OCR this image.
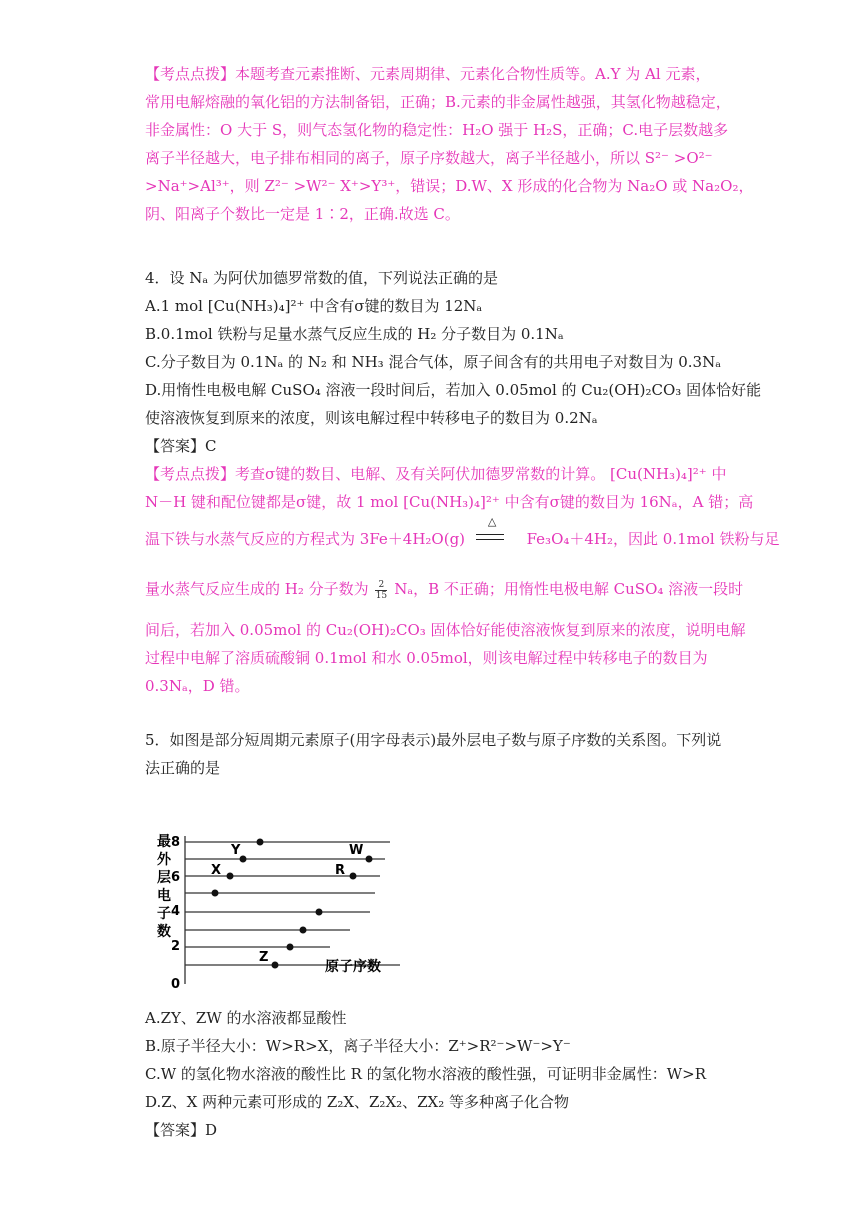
【考点点拨】本题考查元素推断、元素周期律、元素化合物性质等。A.Y 为 Al 元素，
常用电解熔融的氧化铝的方法制备铝，正确；B.元素的非金属性越强，其氢化物越稳定，
非金属性：O 大于 S，则气态氢化物的稳定性：H₂O 强于 H₂S，正确；C.电子层数越多
离子半径越大，电子排布相同的离子，原子序数越大，离子半径越小，所以 S²⁻ >O²⁻
>Na⁺>Al³⁺，则 Z²⁻ >W²⁻ X⁺>Y³⁺，错误；D.W、X 形成的化合物为 Na₂O 或 Na₂O₂，
阴、阳离子个数比一定是 1∶2，正确.故选 C。
4．设 Nₐ 为阿伏加德罗常数的值，下列说法正确的是
A.1 mol [Cu(NH₃)₄]²⁺ 中含有σ键的数目为 12Nₐ
B.0.1mol 铁粉与足量水蒸气反应生成的 H₂ 分子数目为 0.1Nₐ
C.分子数目为 0.1Nₐ 的 N₂ 和 NH₃ 混合气体，原子间含有的共用电子对数目为 0.3Nₐ
D.用惰性电极电解 CuSO₄ 溶液一段时间后，若加入 0.05mol 的 Cu₂(OH)₂CO₃ 固体恰好能
使溶液恢复到原来的浓度，则该电解过程中转移电子的数目为 0.2Nₐ
【答案】C
【考点点拨】考查σ键的数目、电解、及有关阿伏加德罗常数的计算。 [Cu(NH₃)₄]²⁺ 中
N－H 键和配位键都是σ键，故 1 mol [Cu(NH₃)₄]²⁺ 中含有σ键的数目为 16Nₐ，A 错；高
温下铁与水蒸气反应的方程式为 3Fe＋4H₂O(g)
△
Fe₃O₄＋4H₂，因此 0.1mol 铁粉与足
量水蒸气反应生成的 H₂ 分子数为 $\frac{2}{15}$ Nₐ，B 不正确；用惰性电极电解 CuSO₄ 溶液一段时
间后，若加入 0.05mol 的 Cu₂(OH)₂CO₃ 固体恰好能使溶液恢复到原来的浓度，说明电解
过程中电解了溶质硫酸铜 0.1mol 和水 0.05mol，则该电解过程中转移电子的数目为
0.3Nₐ，D 错。
5．如图是部分短周期元素原子(用字母表示)最外层电子数与原子序数的关系图。下列说
法正确的是
最
外
层
电
子
数
8
6
4
2
0
Y	W
X	R
Z
原子序数
A.ZY、ZW 的水溶液都显酸性
B.原子半径大小：W>R>X，离子半径大小：Z⁺>R²⁻>W⁻>Y⁻
C.W 的氢化物水溶液的酸性比 R 的氢化物水溶液的酸性强，可证明非金属性：W>R
D.Z、X 两种元素可形成的 Z₂X、Z₂X₂、ZX₂ 等多种离子化合物
【答案】D
